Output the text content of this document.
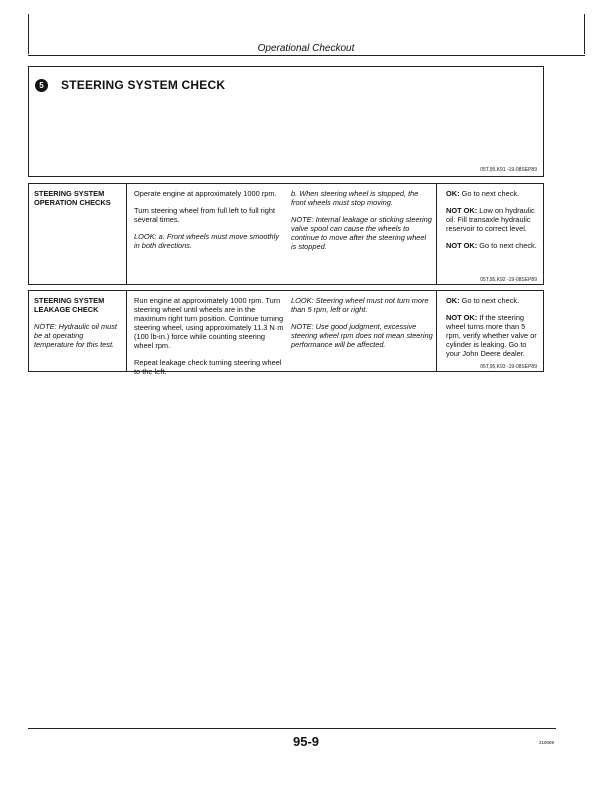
Operational Checkout
5	STEERING SYSTEM CHECK
05T,95,K91 -19-08SEP89
STEERING SYSTEM
OPERATION CHECKS
Operate engine at approximately 1000 rpm.
Turn steering wheel from full left to full right several times.
LOOK: a. Front wheels must move smoothly in both directions.
b. When steering wheel is stopped, the front wheels must stop moving.
NOTE: Internal leakage or sticking steering valve spool can cause the wheels to continue to move after the steering wheel is stopped.
OK: Go to next check.
NOT OK: Low on hydraulic oil. Fill transaxle hydraulic reservoir to correct level.
NOT OK: Go to next check.
05T,95,K92 -19-08SEP89
STEERING SYSTEM
LEAKAGE CHECK
NOTE: Hydraulic oil must be at operating temperature for this test.
Run engine at approximately 1000 rpm. Turn steering wheel until wheels are in the maximum right turn position. Continue turning steering wheel, using approximately 11.3 N·m (100 lb-in.) force while counting steering wheel rpm.
Repeat leakage check turning steering wheel to the left.
LOOK: Steering wheel must not turn more than 5 rpm, left or right.
NOTE: Use good judgment, excessive steering wheel rpm does not mean steering performance will be affected.
OK: Go to next check.
NOT OK: If the steering wheel turns more than 5 rpm, verify whether valve or cylinder is leaking. Go to your John Deere dealer.
05T,95,K93 -19-08SEP89
95-9	210069
